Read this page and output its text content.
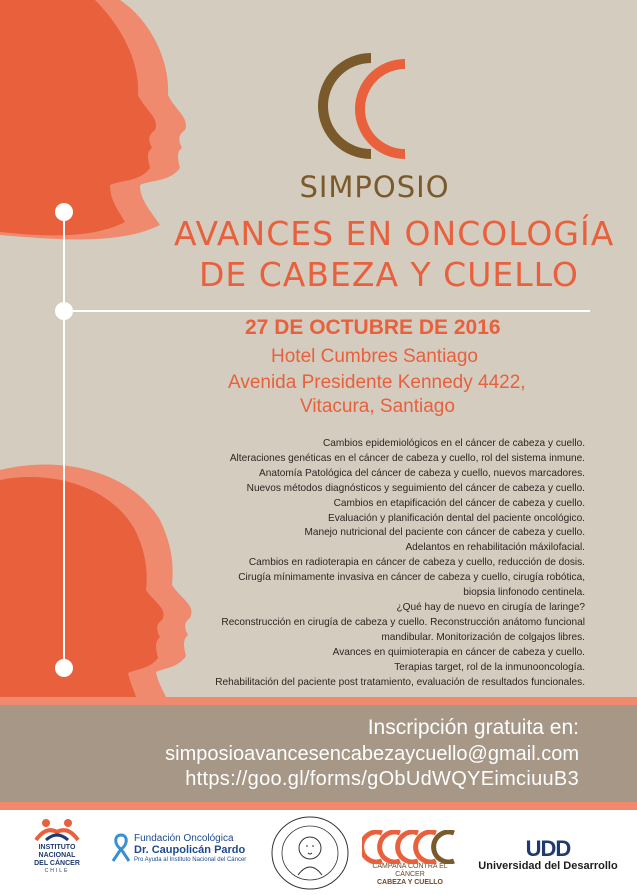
SIMPOSIO
AVANCES EN ONCOLOGÍA
DE CABEZA Y CUELLO
27 DE OCTUBRE DE 2016
Hotel Cumbres Santiago
Avenida Presidente Kennedy 4422,
Vitacura, Santiago
Cambios epidemiológicos en el cáncer de cabeza y cuello.
Alteraciones genéticas en el cáncer de cabeza y cuello, rol del sistema inmune.
Anatomía Patológica del cáncer de cabeza y cuello, nuevos marcadores.
Nuevos métodos diagnósticos y seguimiento del cáncer de cabeza y cuello.
Cambios en etapificación del cáncer de cabeza y cuello.
Evaluación y planificación dental del paciente oncológico.
Manejo nutricional del paciente con cáncer de cabeza y cuello.
Adelantos en rehabilitación máxilofacial.
Cambios en radioterapia en cáncer de cabeza y cuello, reducción de dosis.
Cirugía mínimamente invasiva en cáncer de cabeza y cuello, cirugía robótica,
biopsia linfonodo centinela.
¿Qué hay de nuevo en cirugía de laringe?
Reconstrucción en cirugía de cabeza y cuello. Reconstrucción anátomo funcional
mandibular. Monitorización de colgajos libres.
Avances en quimioterapia en cáncer de cabeza y cuello.
Terapias target, rol de la inmunooncología.
Rehabilitación del paciente post tratamiento, evaluación de resultados funcionales.
Inscripción gratuita en:
simposioavancesencabezaycuello@gmail.com
https://goo.gl/forms/gObUdWQYEimciuuB3
INSTITUTO
NACIONAL
DEL CÁNCER
CHILE
Fundación Oncológica
Dr. Caupolicán Pardo
Pro Ayuda al Instituto Nacional del Cáncer
CAMPAÑA CONTRA EL CÁNCER
CABEZA Y CUELLO
UDD
Universidad del Desarrollo
